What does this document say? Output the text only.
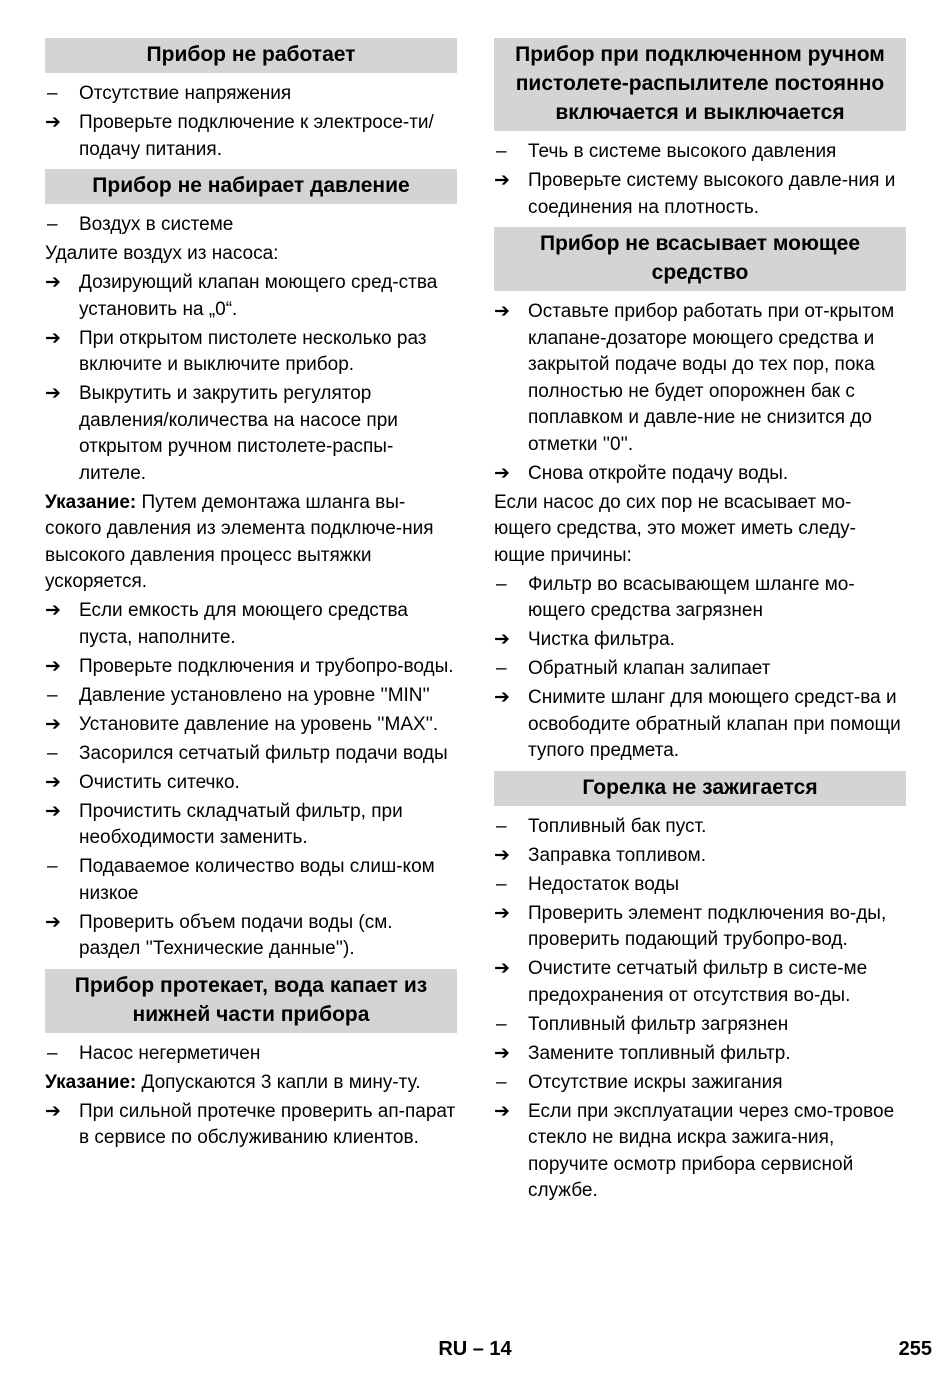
Прибор не работает
– Отсутствие напряжения
➔ Проверьте подключение к электросе-ти/подачу питания.
Прибор не набирает давление
– Воздух в системе
Удалите воздух из насоса:
➔ Дозирующий клапан моющего сред-ства установить на „0“.
➔ При открытом пистолете несколько раз включите и выключите прибор.
➔ Выкрутить и закрутить регулятор давления/количества на насосе при открытом ручном пистолете-распы-лителе.
Указание: Путем демонтажа шланга вы-сокого давления из элемента подключе-ния высокого давления процесс вытяжки ускоряется.
➔ Если емкость для моющего средства пуста, наполните.
➔ Проверьте подключения и трубопро-воды.
– Давление установлено на уровне ''MIN''
➔ Установите давление на уровень ''MAX''.
– Засорился сетчатый фильтр подачи воды
➔ Очистить ситечко.
➔ Прочистить складчатый фильтр, при необходимости заменить.
– Подаваемое количество воды слиш-ком низкое
➔ Проверить объем подачи воды (см. раздел ''Технические данные'').
Прибор протекает, вода капает из нижней части прибора
– Насос негерметичен
Указание: Допускаются 3 капли в мину-ту.
➔ При сильной протечке проверить ап-парат в сервисе по обслуживанию клиентов.
Прибор при подключенном ручном пистолете-распылителе постоянно включается и выключается
– Течь в системе высокого давления
➔ Проверьте систему высокого давле-ния и соединения на плотность.
Прибор не всасывает моющее средство
➔ Оставьте прибор работать при от-крытом клапане-дозаторе моющего средства и закрытой подаче воды до тех пор, пока полностью не будет опорожнен бак с поплавком и давле-ние не снизится до отметки ''0''.
➔ Снова откройте подачу воды.
Если насос до сих пор не всасывает мо-ющего средства, это может иметь следу-ющие причины:
– Фильтр во всасывающем шланге мо-ющего средства загрязнен
➔ Чистка фильтра.
– Обратный клапан залипает
➔ Снимите шланг для моющего средст-ва и освободите обратный клапан при помощи тупого предмета.
Горелка не зажигается
– Топливный бак пуст.
➔ Заправка топливом.
– Недостаток воды
➔ Проверить элемент подключения во-ды, проверить подающий трубопро-вод.
➔ Очистите сетчатый фильтр в систе-ме предохранения от отсутствия во-ды.
– Топливный фильтр загрязнен
➔ Замените топливный фильтр.
– Отсутствие искры зажигания
➔ Если при эксплуатации через смо-тровое стекло не видна искра зажига-ния, поручите осмотр прибора сервисной службе.
RU – 14	255
